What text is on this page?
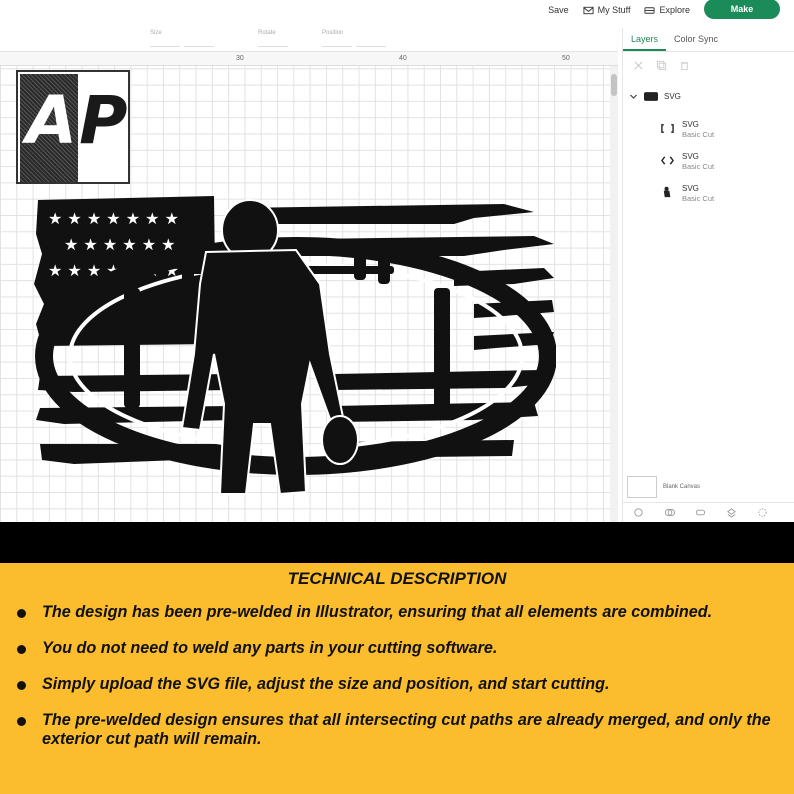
Save	My Stuff	Explore	Make
Size	Rotate	Position
AP
★ ★ ★ ★ ★ ★ ★
★ ★ ★ ★ ★ ★
★ ★ ★ ★ ★ ★ ★
30	40	50
Layers	Color Sync
SVG
SVG
Basic Cut
SVG
Basic Cut
SVG
Basic Cut
Blank Canvas
TECHNICAL DESCRIPTION
The design has been pre-welded in Illustrator, ensuring that all elements are combined.
You do not need to weld any parts in your cutting software.
Simply upload the SVG file, adjust the size and position, and start cutting.
The pre-welded design ensures that all intersecting cut paths are already merged, and only the exterior cut path will remain.
